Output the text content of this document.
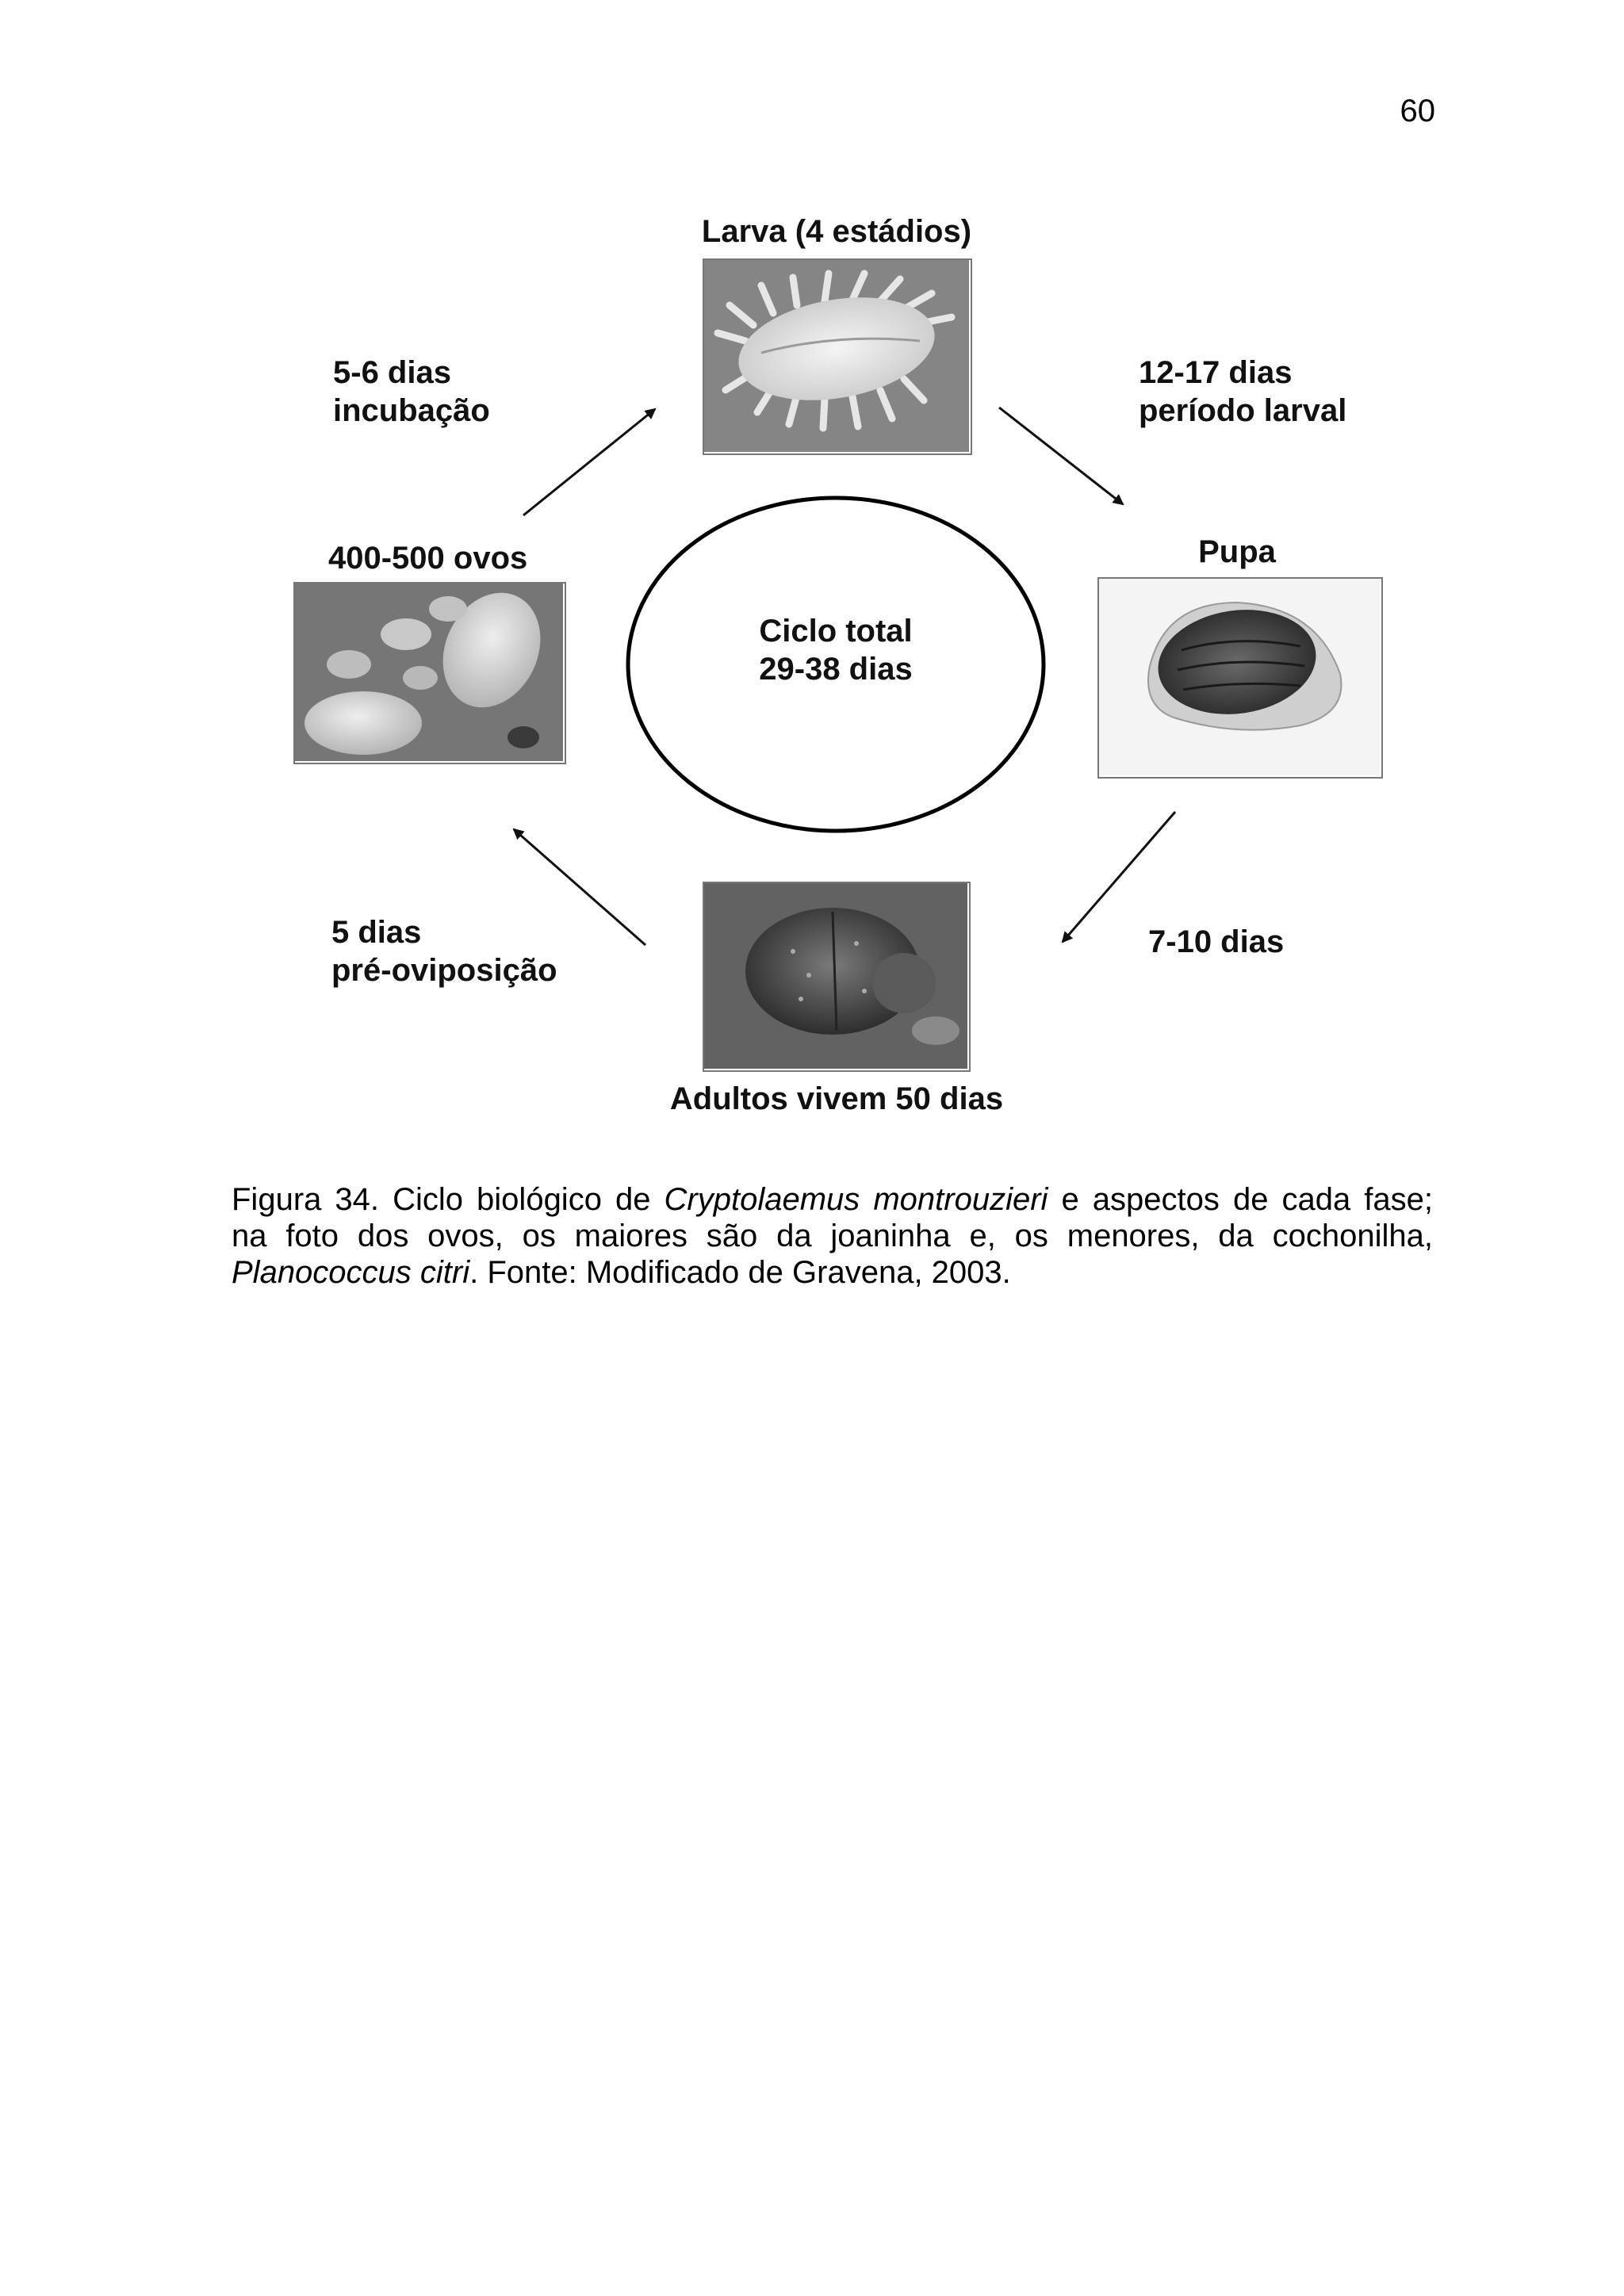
60
Larva (4 estádios)
400-500 ovos	Pupa
Adultos vivem 50 dias
Ciclo total
29-38 dias
5-6 dias
incubação
12-17 dias
período larval
7-10 dias
5 dias
pré-oviposição
Figura 34. Ciclo biológico de Cryptolaemus montrouzieri e aspectos de cada fase;
na foto dos ovos, os maiores são da joaninha e, os menores, da cochonilha,
Planococcus citri. Fonte: Modificado de Gravena, 2003.
